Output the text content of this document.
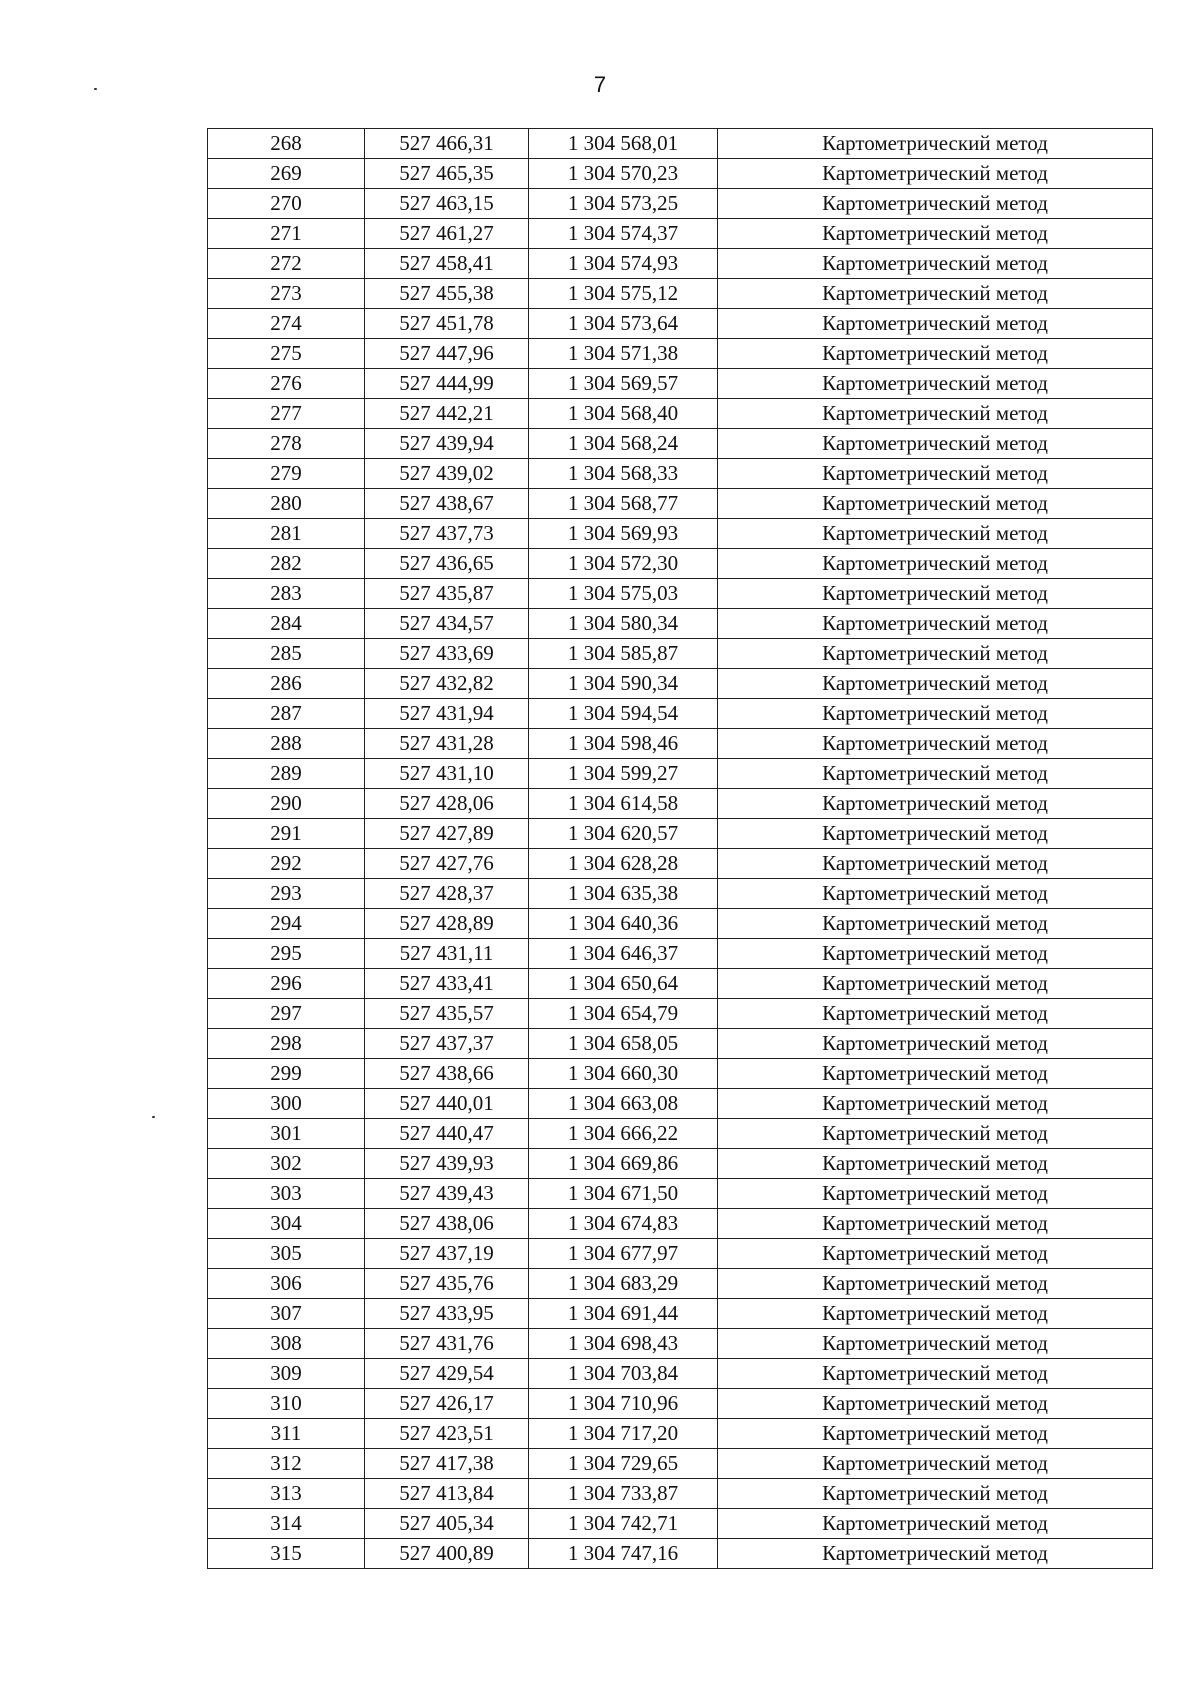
7
268	527 466,31	1 304 568,01	Картометрический метод
269	527 465,35	1 304 570,23	Картометрический метод
270	527 463,15	1 304 573,25	Картометрический метод
271	527 461,27	1 304 574,37	Картометрический метод
272	527 458,41	1 304 574,93	Картометрический метод
273	527 455,38	1 304 575,12	Картометрический метод
274	527 451,78	1 304 573,64	Картометрический метод
275	527 447,96	1 304 571,38	Картометрический метод
276	527 444,99	1 304 569,57	Картометрический метод
277	527 442,21	1 304 568,40	Картометрический метод
278	527 439,94	1 304 568,24	Картометрический метод
279	527 439,02	1 304 568,33	Картометрический метод
280	527 438,67	1 304 568,77	Картометрический метод
281	527 437,73	1 304 569,93	Картометрический метод
282	527 436,65	1 304 572,30	Картометрический метод
283	527 435,87	1 304 575,03	Картометрический метод
284	527 434,57	1 304 580,34	Картометрический метод
285	527 433,69	1 304 585,87	Картометрический метод
286	527 432,82	1 304 590,34	Картометрический метод
287	527 431,94	1 304 594,54	Картометрический метод
288	527 431,28	1 304 598,46	Картометрический метод
289	527 431,10	1 304 599,27	Картометрический метод
290	527 428,06	1 304 614,58	Картометрический метод
291	527 427,89	1 304 620,57	Картометрический метод
292	527 427,76	1 304 628,28	Картометрический метод
293	527 428,37	1 304 635,38	Картометрический метод
294	527 428,89	1 304 640,36	Картометрический метод
295	527 431,11	1 304 646,37	Картометрический метод
296	527 433,41	1 304 650,64	Картометрический метод
297	527 435,57	1 304 654,79	Картометрический метод
298	527 437,37	1 304 658,05	Картометрический метод
299	527 438,66	1 304 660,30	Картометрический метод
300	527 440,01	1 304 663,08	Картометрический метод
301	527 440,47	1 304 666,22	Картометрический метод
302	527 439,93	1 304 669,86	Картометрический метод
303	527 439,43	1 304 671,50	Картометрический метод
304	527 438,06	1 304 674,83	Картометрический метод
305	527 437,19	1 304 677,97	Картометрический метод
306	527 435,76	1 304 683,29	Картометрический метод
307	527 433,95	1 304 691,44	Картометрический метод
308	527 431,76	1 304 698,43	Картометрический метод
309	527 429,54	1 304 703,84	Картометрический метод
310	527 426,17	1 304 710,96	Картометрический метод
311	527 423,51	1 304 717,20	Картометрический метод
312	527 417,38	1 304 729,65	Картометрический метод
313	527 413,84	1 304 733,87	Картометрический метод
314	527 405,34	1 304 742,71	Картометрический метод
315	527 400,89	1 304 747,16	Картометрический метод
